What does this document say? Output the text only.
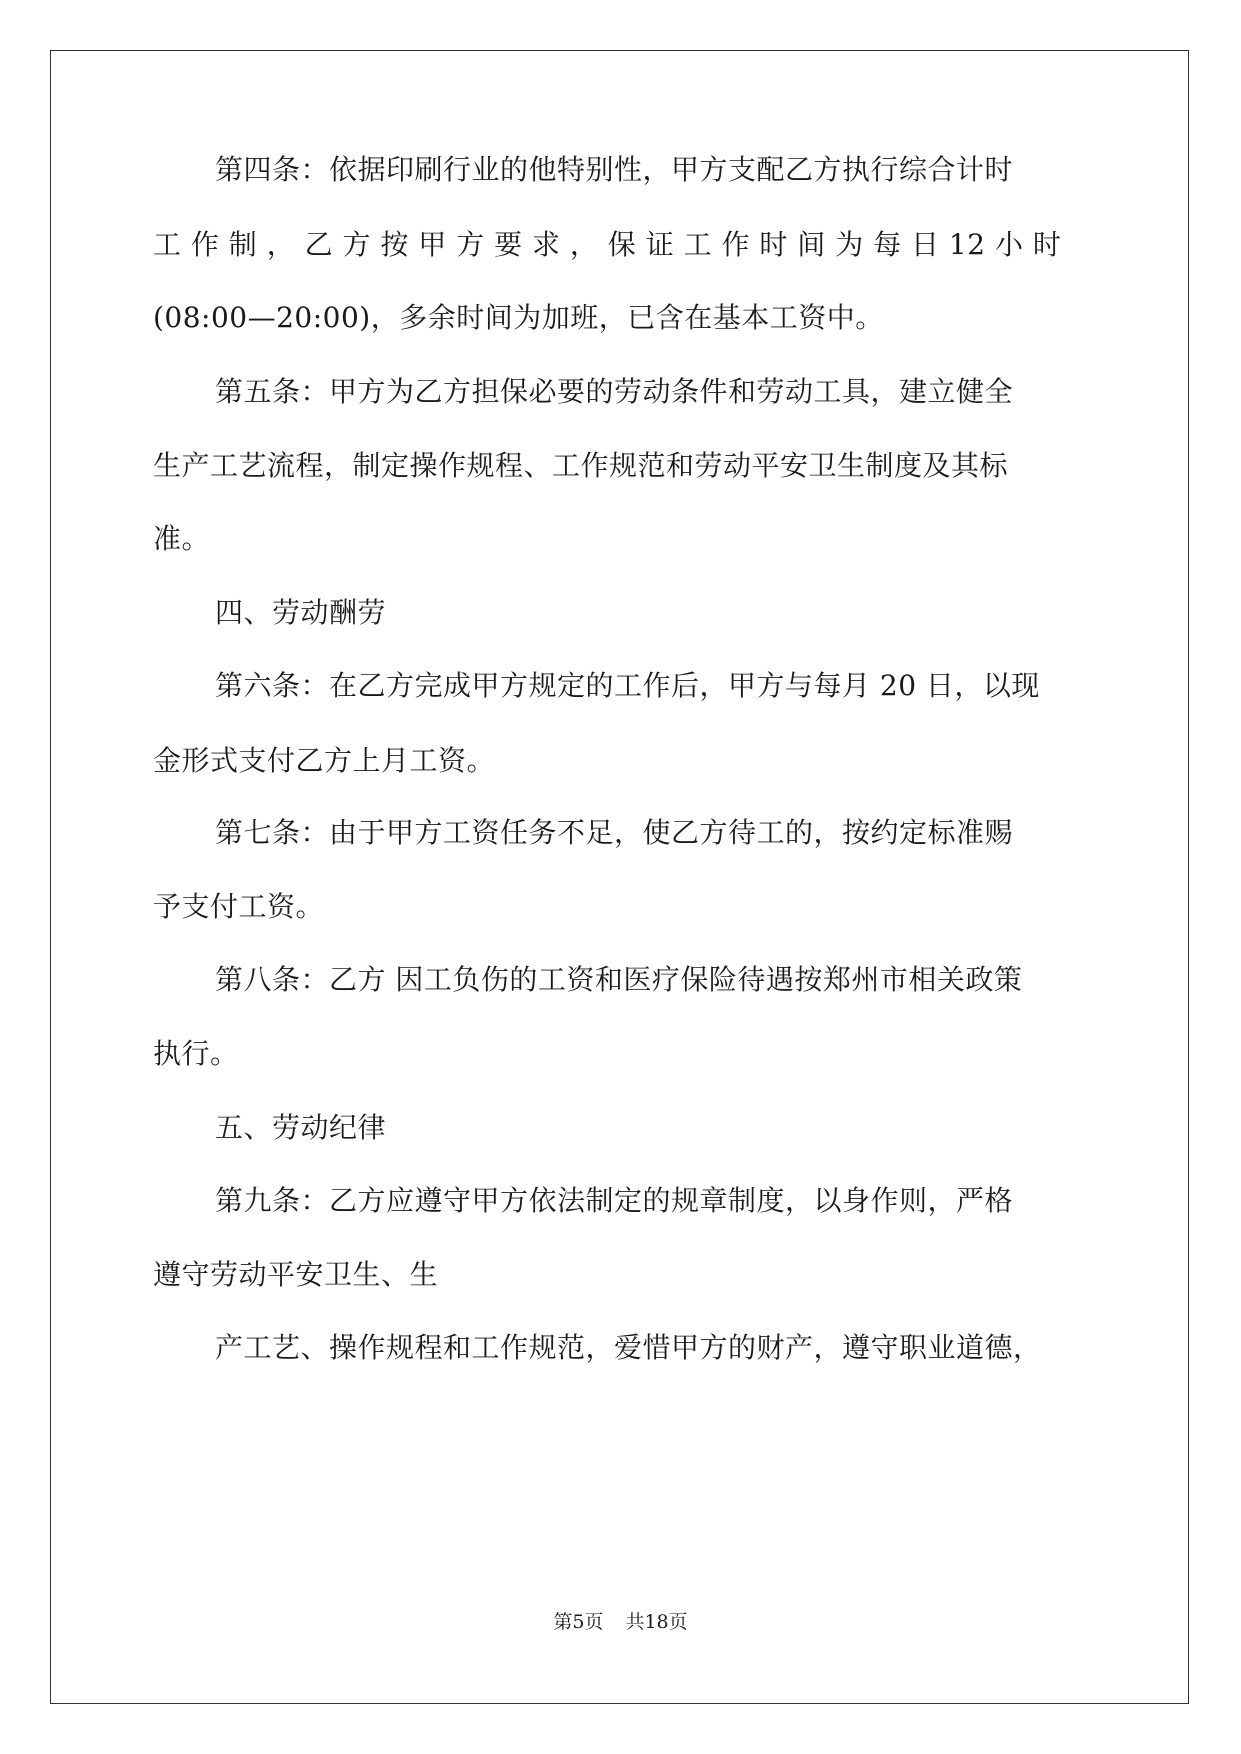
第四条：依据印刷行业的他特别性，甲方支配乙方执行综合计时
工 作 制 ， 乙 方 按 甲 方 要 求 ， 保 证 工 作 时 间 为 每 日 12 小 时
(08:00—20:00)，多余时间为加班，已含在基本工资中。
第五条：甲方为乙方担保必要的劳动条件和劳动工具，建立健全
生产工艺流程，制定操作规程、工作规范和劳动平安卫生制度及其标
准。
四、劳动酬劳
第六条：在乙方完成甲方规定的工作后，甲方与每月 20 日，以现
金形式支付乙方上月工资。
第七条：由于甲方工资任务不足，使乙方待工的，按约定标准赐
予支付工资。
第八条：乙方 因工负伤的工资和医疗保险待遇按郑州市相关政策
执行。
五、劳动纪律
第九条：乙方应遵守甲方依法制定的规章制度，以身作则，严格
遵守劳动平安卫生、生
产工艺、操作规程和工作规范，爱惜甲方的财产，遵守职业道德，
第5页 共18页
